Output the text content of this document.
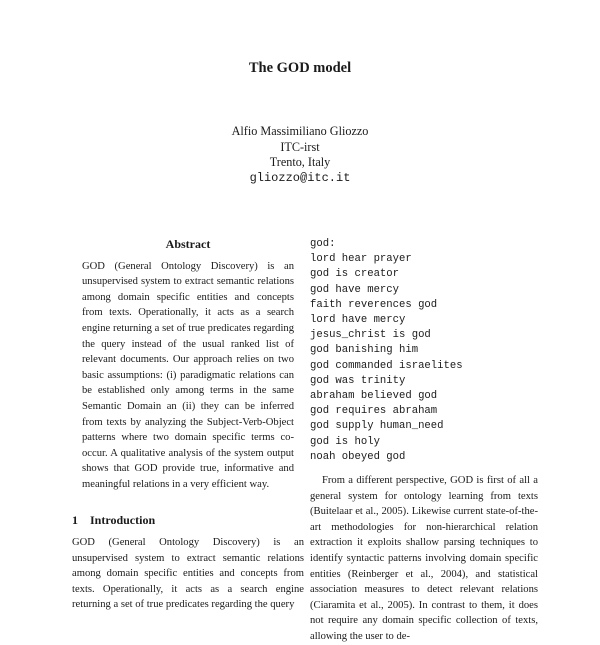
The GOD model
Alfio Massimiliano Gliozzo
ITC-irst
Trento, Italy
gliozzo@itc.it
Abstract
GOD (General Ontology Discovery) is an unsupervised system to extract semantic relations among domain specific entities and concepts from texts. Operationally, it acts as a search engine returning a set of true predicates regarding the query instead of the usual ranked list of relevant documents. Our approach relies on two basic assumptions: (i) paradigmatic relations can be established only among terms in the same Semantic Domain an (ii) they can be inferred from texts by analyzing the Subject-Verb-Object patterns where two domain specific terms co-occur. A qualitative analysis of the system output shows that GOD provide true, informative and meaningful relations in a very efficient way.
1 Introduction
GOD (General Ontology Discovery) is an unsupervised system to extract semantic relations among domain specific entities and concepts from texts. Operationally, it acts as a search engine returning a set of true predicates regarding the query
god:
lord hear prayer
god is creator
god have mercy
faith reverences god
lord have mercy
jesus_christ is god
god banishing him
god commanded israelites
god was trinity
abraham believed god
god requires abraham
god supply human_need
god is holy
noah obeyed god
From a different perspective, GOD is first of all a general system for ontology learning from texts (Buitelaar et al., 2005). Likewise current state-of-the-art methodologies for non-hierarchical relation extraction it exploits shallow parsing techniques to identify syntactic patterns involving domain specific entities (Reinberger et al., 2004), and statistical association measures to detect relevant relations (Ciaramita et al., 2005). In contrast to them, it does not require any domain specific collection of texts, allowing the user to de-
